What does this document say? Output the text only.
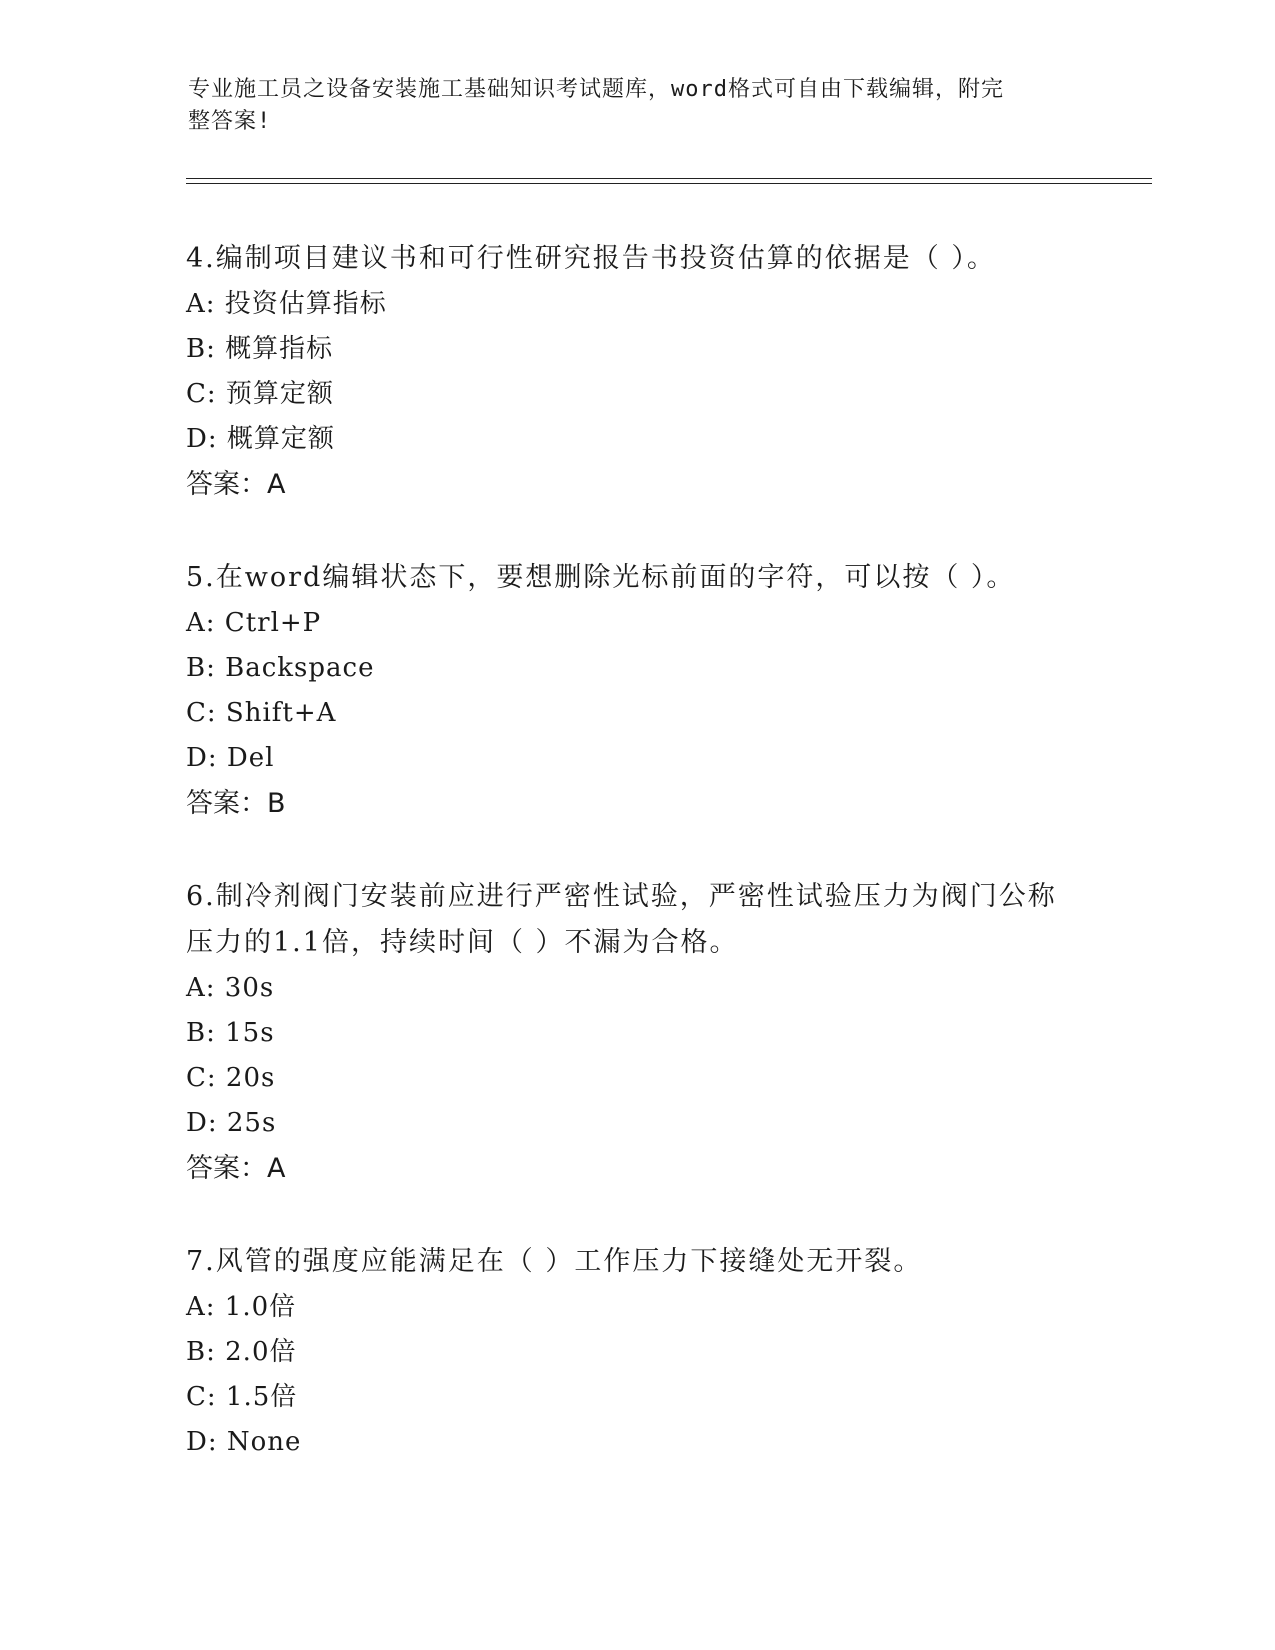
专业施工员之设备安装施工基础知识考试题库，word格式可自由下载编辑，附完
整答案!

4.编制项目建议书和可行性研究报告书投资估算的依据是（ ）。

A: 投资估算指标

B: 概算指标

C: 预算定额

D: 概算定额

答案：A

5.在word编辑状态下，要想删除光标前面的字符，可以按（ ）。

A: Ctrl+P

B: Backspace

C: Shift+A

D: Del

答案：B

6.制冷剂阀门安装前应进行严密性试验，严密性试验压力为阀门公称

压力的1.1倍，持续时间（ ）不漏为合格。

A: 30s

B: 15s

C: 20s

D: 25s

答案：A

7.风管的强度应能满足在（ ）工作压力下接缝处无开裂。

A: 1.0倍

B: 2.0倍

C: 1.5倍

D: None
